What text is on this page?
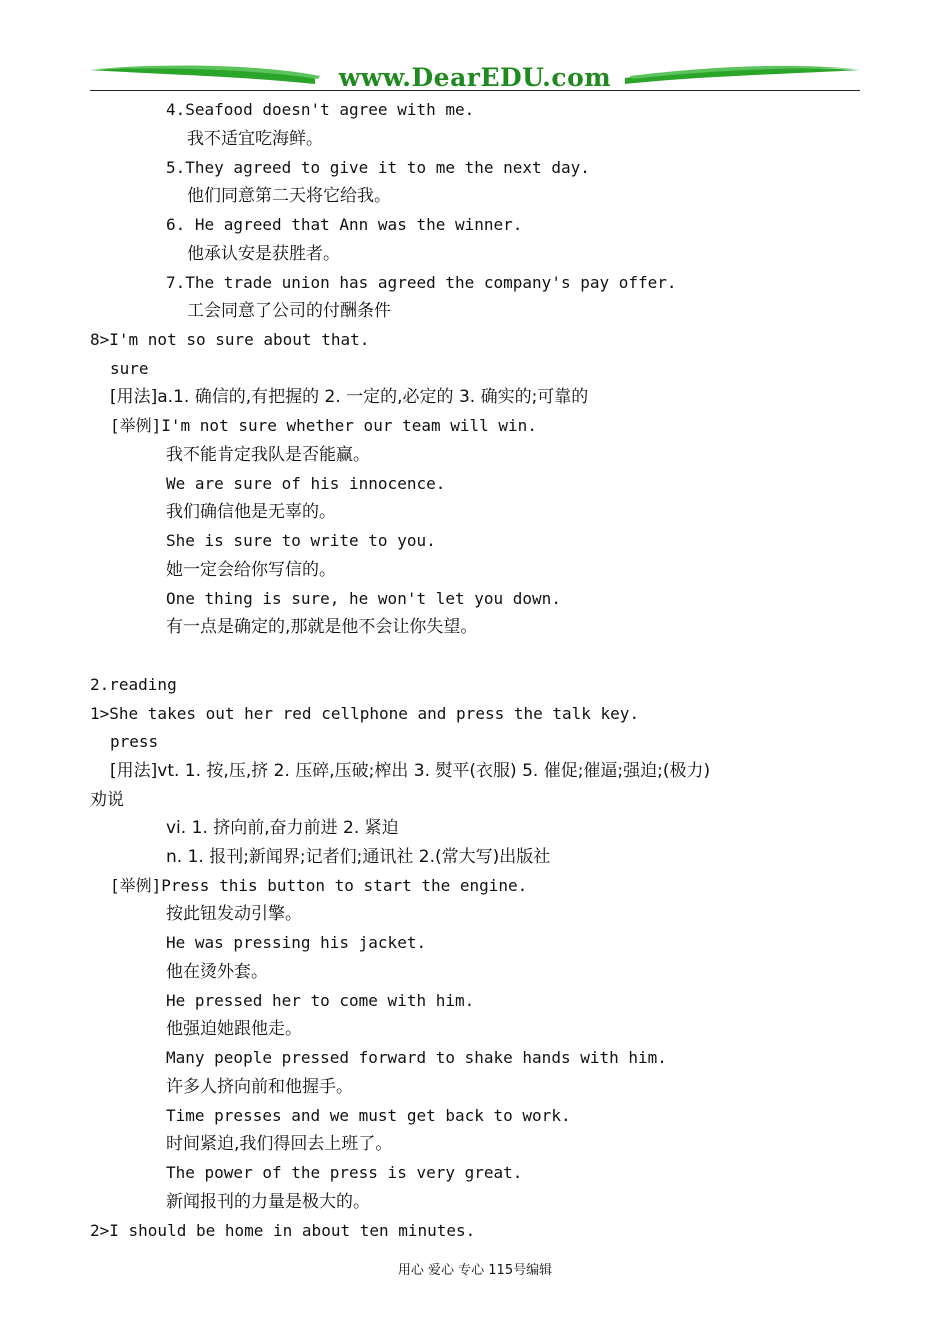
www.DearEDU.com
4.Seafood doesn't agree with me.
我不适宜吃海鲜。
5.They agreed to give it to me the next day.
他们同意第二天将它给我。
6. He agreed that Ann was the winner.
他承认安是获胜者。
7.The trade union has agreed the company's pay offer.
工会同意了公司的付酬条件
8>I'm not so sure about that.
sure
[用法]a.1. 确信的,有把握的 2. 一定的,必定的 3. 确实的;可靠的
[举例]I'm not sure whether our team will win.
我不能肯定我队是否能赢。
We are sure of his innocence.
我们确信他是无辜的。
She is sure to write to you.
她一定会给你写信的。
One thing is sure, he won't let you down.
有一点是确定的,那就是他不会让你失望。
2.reading
1>She takes out her red cellphone and press the talk key.
press
[用法]vt. 1. 按,压,挤 2. 压碎,压破;榨出 3. 熨平(衣服) 5. 催促;催逼;强迫;(极力)
劝说
vi. 1. 挤向前,奋力前进 2. 紧迫
n. 1. 报刊;新闻界;记者们;通讯社 2.(常大写)出版社
[举例]Press this button to start the engine.
按此钮发动引擎。
He was pressing his jacket.
他在烫外套。
He pressed her to come with him.
他强迫她跟他走。
Many people pressed forward to shake hands with him.
许多人挤向前和他握手。
Time presses and we must get back to work.
时间紧迫,我们得回去上班了。
The power of the press is very great.
新闻报刊的力量是极大的。
2>I should be home in about ten minutes.
用心 爱心 专心 115号编辑
